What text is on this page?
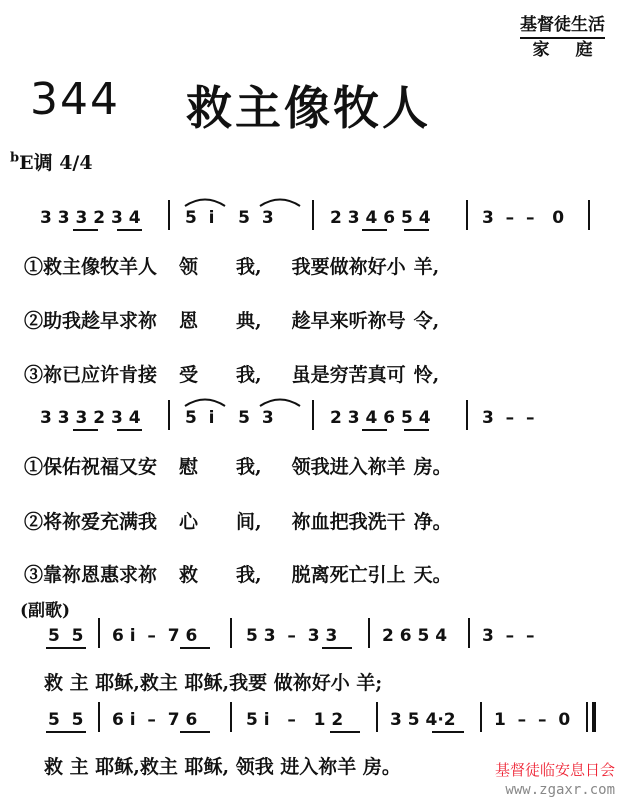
基督徒生活
家庭
344 救主像牧人
$^b$E调 4/4
3 3 3 2 3 4	5  i    5  3	2 3 4 6 5 4	3  –  –   0
①救主像牧羊人 领 我, 我要做祢好小 羊,
②助我趁早求祢 恩 典, 趁早来听祢号 令,
③祢已应许肯接 受 我, 虽是穷苦真可 怜,
3 3 3 2 3 4	5  i    5  3	2 3 4 6 5 4	3  –  –
①保佑祝福又安 慰 我, 领我进入祢羊 房。
②将祢爱充满我 心 间, 祢血把我洗干 净。
③靠祢恩惠求祢 救 我, 脱离死亡引上 天。
(副歌)
5  5 6 i  –  7 6	5 3  –  3 3	2 6 5 4 3  –  –
救 主 耶稣,救主 耶稣,我要 做祢好小 羊;
5  5 6 i  –  7 6	5 i   –   1 2	3 5 4·2 1  –  –  0
救 主 耶稣,救主 耶稣, 领我 进入祢羊 房。	基督徒临安息日会
www.zgaxr.com
